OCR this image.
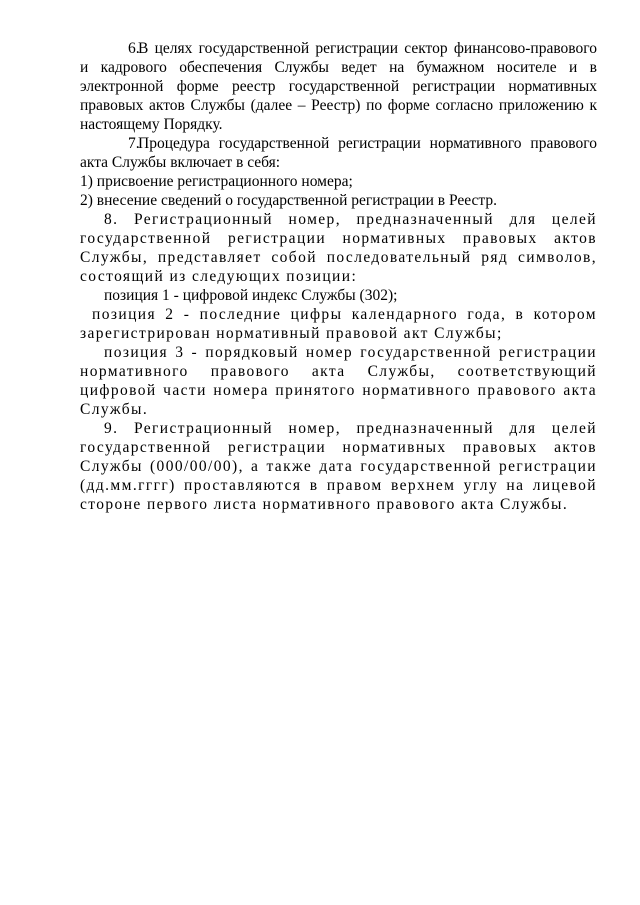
6.В целях государственной регистрации сектор финансово-правового и кадрового обеспечения Службы ведет на бумажном носителе и в электронной форме реестр государственной регистрации нормативных правовых актов Службы (далее – Реестр) по форме согласно приложению к настоящему Порядку.

7.Процедура государственной регистрации нормативного правового акта Службы включает в себя:

1) присвоение регистрационного номера;

2) внесение сведений о государственной регистрации в Реестр.

8. Регистрационный номер, предназначенный для целей государственной регистрации нормативных правовых актов Службы, представляет собой последовательный ряд символов, состоящий из следующих позиции:

позиция 1 - цифровой индекс Службы (302);

позиция 2 - последние цифры календарного года, в котором зарегистрирован нормативный правовой акт Службы;

позиция 3 - порядковый номер государственной регистрации нормативного правового акта Службы, соответствующий цифровой части номера принятого нормативного правового акта Службы.

9. Регистрационный номер, предназначенный для целей государственной регистрации нормативных правовых актов Службы (000/00/00), а также дата государственной регистрации (дд.мм.гггг) проставляются в правом верхнем углу на лицевой стороне первого листа нормативного правового акта Службы.
